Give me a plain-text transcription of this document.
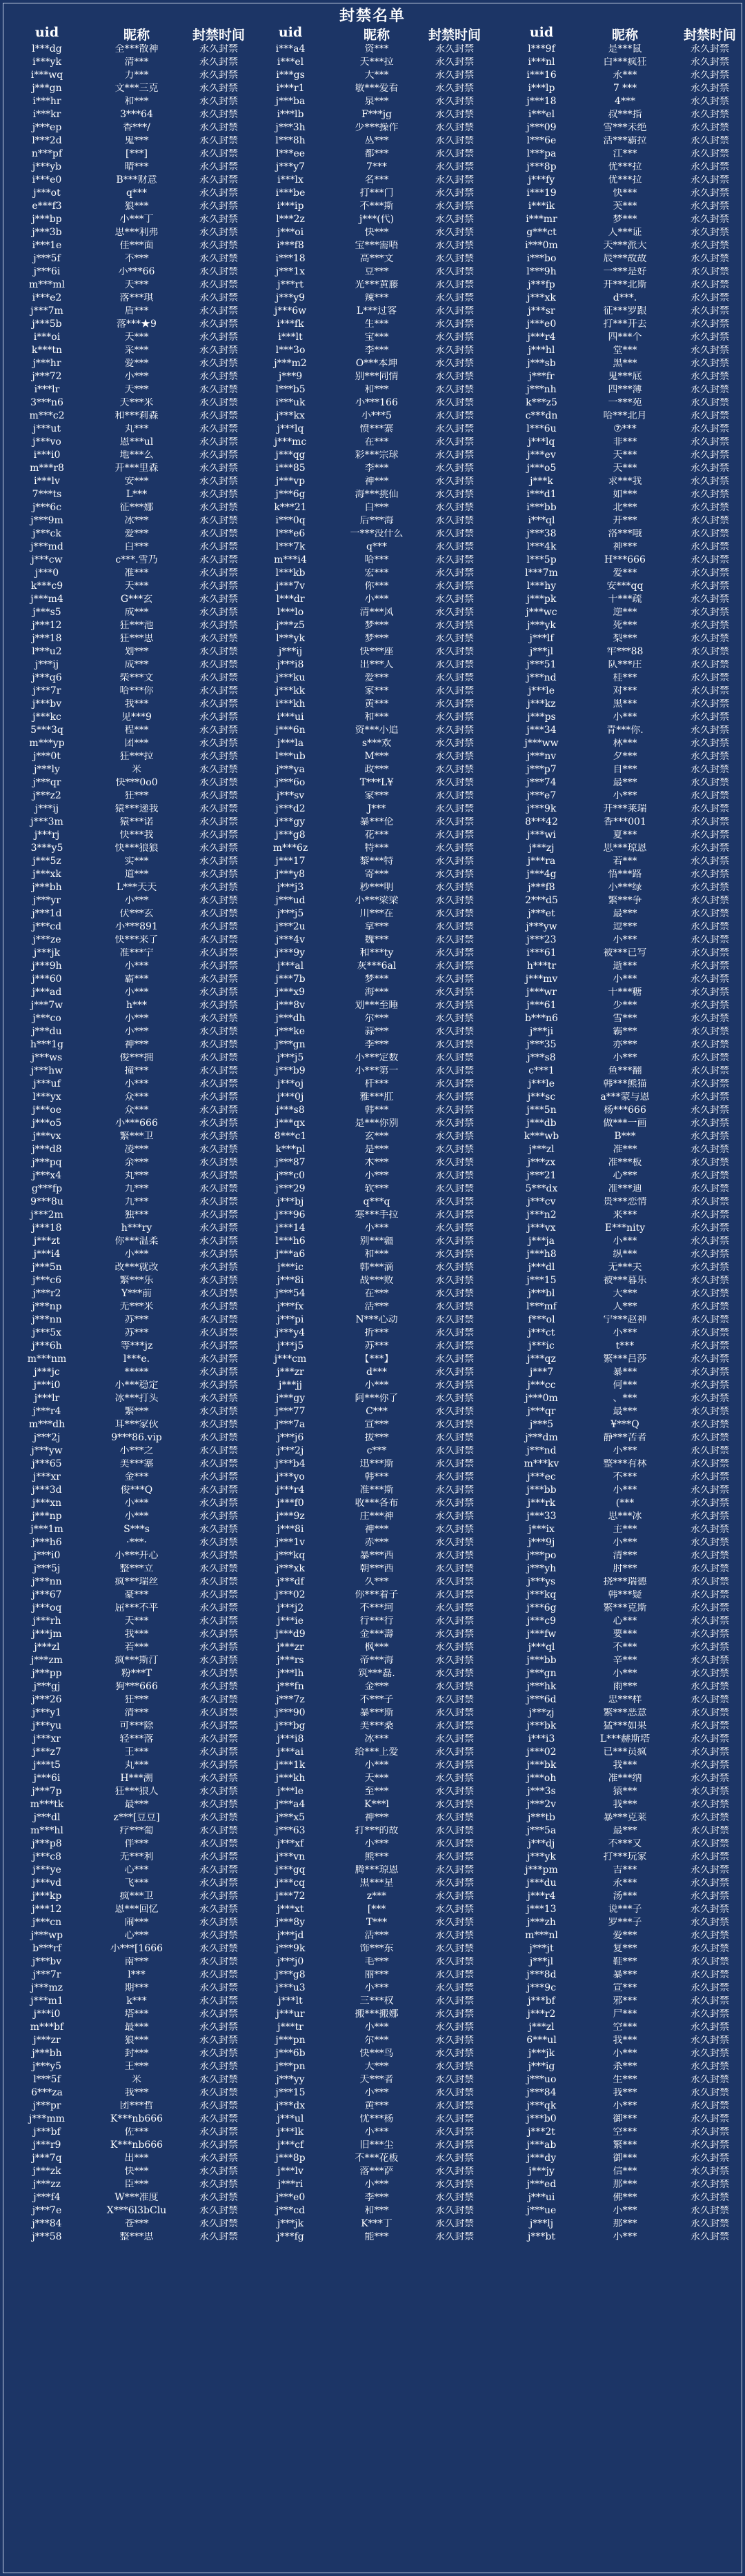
封禁名单
uid	昵称	封禁时间	uid	昵称	封禁时间	uid	昵称	封禁时间
l***dg	全***散神	永久封禁	i***a4	资***	永久封禁	l***9f	是***鼠	永久封禁
i***yk	清***	永久封禁	i***el	天***拉	永久封禁	i***nl	白***疯狂	永久封禁
i***wq	力***	永久封禁	i***gs	大***	永久封禁	i***16	永***	永久封禁
j***gn	文***三克	永久封禁	i***r1	敏***爱看	永久封禁	i***lp	7 ***	永久封禁
i***hr	和***	永久封禁	j***ba	泉***	永久封禁	j***18	4***	永久封禁
i***kr	3***64	永久封禁	i***lb	F***jg	永久封禁	i***el	叔***指	永久封禁
j***ep	香***/	永久封禁	j***3h	少***操作	永久封禁	j***09	雪***未绝	永久封禁
l***2d	鬼***	永久封禁	l***8h	丛***	永久封禁	l***6e	活***霸拉	永久封禁
n***pf	[***]	永久封禁	l***ee	都***	永久封禁	l***pa	江***	永久封禁
j***yb	晴***	永久封禁	j***y7	7***	永久封禁	j***8p	优***拉	永久封禁
i***e0	B***财意	永久封禁	i***lx	名***	永久封禁	j***fy	优***拉	永久封禁
j***ot	q***	永久封禁	i***be	打***门	永久封禁	i***19	快***	永久封禁
e***f3	狼***	永久封禁	i***ip	不***斯	永久封禁	i***ik	芙***	永久封禁
j***bp	小***丁	永久封禁	l***2z	j***(代)	永久封禁	i***mr	梦***	永久封禁
j***3b	思***利弗	永久封禁	j***oi	快***	永久封禁	g***ct	人***证	永久封禁
i***1e	佳***面	永久封禁	i***f8	宝***需唔	永久封禁	i***0m	天***派大	永久封禁
j***5f	不***	永久封禁	i***18	高***文	永久封禁	i***bo	辰***故故	永久封禁
j***6i	小***66	永久封禁	j***1x	豆***	永久封禁	l***9h	一***是好	永久封禁
m***ml	天***	永久封禁	j***rt	光***黄藤	永久封禁	j***fp	开***北斯	永久封禁
i***e2	落***琪	永久封禁	j***y9	辣***	永久封禁	j***xk	d***.	永久封禁
j***7m	盾***	永久封禁	j***6w	L***过客	永久封禁	j***sr	征***罗跟	永久封禁
j***5b	落***★9	永久封禁	i***fk	生***	永久封禁	j***e0	打***开去	永久封禁
i***oi	天***	永久封禁	i***lt	宝***	永久封禁	j***r4	四***个	永久封禁
k***tn	采***	永久封禁	l***3o	李***	永久封禁	j***hl	堂***	永久封禁
j***hr	爱***	永久封禁	j***m2	O***本坤	永久封禁	j***sb	黑***	永久封禁
j***72	小***	永久封禁	j***9	别***同情	永久封禁	j***fr	鬼***底	永久封禁
i***lr	天***	永久封禁	l***b5	和***	永久封禁	j***nh	四***薄	永久封禁
3***n6	天***米	永久封禁	i***uk	小***166	永久封禁	k***z5	一***苑	永久封禁
m***c2	和***莉森	永久封禁	j***kx	小***5	永久封禁	c***dn	哈***北月	永久封禁
j***ut	丸***	永久封禁	j***lq	愤***寨	永久封禁	l***6u	⑦***	永久封禁
j***vo	恩***ul	永久封禁	j***mc	在***	永久封禁	j***lq	非***	永久封禁
i***i0	地***么	永久封禁	j***qg	彩***宗球	永久封禁	j***ev	天***	永久封禁
m***r8	开***里森	永久封禁	i***85	李***	永久封禁	j***o5	天***	永久封禁
i***lv	安***	永久封禁	j***vp	神***	永久封禁	j***k	求***我	永久封禁
7***ts	L***	永久封禁	j***6g	海***挑仙	永久封禁	i***d1	如***	永久封禁
j***6c	征***娜	永久封禁	k***21	白***	永久封禁	i***bb	北***	永久封禁
j***9m	冰***	永久封禁	i***0q	后***海	永久封禁	i***ql	开***	永久封禁
j***ck	爱***	永久封禁	l***e6	一***没什么	永久封禁	j***38	洛***哦	永久封禁
j***md	白***	永久封禁	l***7k	q***	永久封禁	l***4k	神***	永久封禁
j***cw	c***.雪乃	永久封禁	m***i4	哈***	永久封禁	l***5p	H***666	永久封禁
j***0	准***	永久封禁	l***kb	宏***	永久封禁	l***7m	爱***	永久封禁
k***c9	天***	永久封禁	j***7v	你***	永久封禁	l***hy	安***qq	永久封禁
j***m4	G***玄	永久封禁	l***dr	小***	永久封禁	j***pk	十***疏	永久封禁
j***s5	成***	永久封禁	l***lo	清***风	永久封禁	j***wc	逆***	永久封禁
j***12	狂***池	永久封禁	j***z5	梦***	永久封禁	j***yk	死***	永久封禁
j***18	狂***思	永久封禁	l***yk	梦***	永久封禁	j***lf	梨***	永久封禁
l***u2	划***	永久封禁	j***ij	快***座	永久封禁	j***jl	牢***88	永久封禁
j***ij	成***	永久封禁	j***i8	出***人	永久封禁	j***51	队***庄	永久封禁
j***q6	柴***文	永久封禁	j***ku	爱***	永久封禁	j***nd	桂***	永久封禁
j***7r	哈***你	永久封禁	j***kk	家***	永久封禁	j***le	对***	永久封禁
j***bv	我***	永久封禁	i***kh	黄***	永久封禁	j***kz	黑***	永久封禁
j***kc	见***9	永久封禁	i***ui	和***	永久封禁	j***ps	小***	永久封禁
5***3q	程***	永久封禁	j***6n	资***小追	永久封禁	j***34	青***你.	永久封禁
m***yp	团***	永久封禁	j***la	s***欢	永久封禁	j***ww	林***	永久封禁
j***0t	狂***拉	永久封禁	l***ub	M***	永久封禁	j***nv	夕***	永久封禁
j***ly	米	永久封禁	j***ya	政***	永久封禁	j***p7	自***	永久封禁
j***qr	快***0o0	永久封禁	j***6o	T***L¥	永久封禁	j***74	最***	永久封禁
j***z2	狂***	永久封禁	j***sv	家***	永久封禁	j***e7	小***	永久封禁
j***ij	猿***递我	永久封禁	j***d2	J***	永久封禁	j***9k	开***莱瑞	永久封禁
j***3m	猿***诺	永久封禁	j***gy	暴***伦	永久封禁	8***42	香***001	永久封禁
j***rj	快***我	永久封禁	j***g8	花***	永久封禁	j***wi	夏***	永久封禁
3***y5	快***狼狼	永久封禁	m***6z	特***	永久封禁	j***zj	思***琼恩	永久封禁
j***5z	实***	永久封禁	j***17	黎***特	永久封禁	j***ra	若***	永久封禁
j***xk	道***	永久封禁	j***y8	寄***	永久封禁	j***4g	悟***路	永久封禁
j***bh	L***天天	永久封禁	j***j3	秒***明	永久封禁	j***f8	小***绿	永久封禁
j***yr	小***	永久封禁	j***ud	小***梁梁	永久封禁	2***d5	繁***争	永久封禁
j***1d	伏***玄	永久封禁	j***j5	川***在	永久封禁	j***et	最***	永久封禁
j***cd	小***891	永久封禁	j***2u	拿***	永久封禁	j***yw	逗***	永久封禁
j***ze	快***来了	永久封禁	j***4v	魏***	永久封禁	j***23	小***	永久封禁
j***jk	准***宁	永久封禁	j***9y	和***ty	永久封禁	i***61	被***已写	永久封禁
j***9h	小***	永久封禁	j***al	灰***6al	永久封禁	h***tr	逝***	永久封禁
j***60	霸***	永久封禁	j***7b	梦***	永久封禁	j***mv	小***	永久封禁
j***ad	小***	永久封禁	j***x9	海***	永久封禁	j***wr	十***糖	永久封禁
j***7w	h***	永久封禁	j***8v	划***至睡	永久封禁	j***61	少***	永久封禁
j***co	小***	永久封禁	j***dh	尔***	永久封禁	b***n6	雪***	永久封禁
j***du	小***	永久封禁	j***ke	蒜***	永久封禁	j***ji	霸***	永久封禁
h***1g	神***	永久封禁	j***gn	李***	永久封禁	j***35	亦***	永久封禁
j***ws	俊***拥	永久封禁	j***j5	小***定数	永久封禁	j***s8	小***	永久封禁
j***hw	撞***	永久封禁	j***b9	小***第一	永久封禁	c***1	鱼***翻	永久封禁
j***uf	小***	永久封禁	j***oj	杆***	永久封禁	j***le	韩***熊猫	永久封禁
l***yx	众***	永久封禁	j***0j	雅***肛	永久封禁	j***sc	a***蒙与恩	永久封禁
j***oe	众***	永久封禁	j***s8	韩***	永久封禁	j***5n	杨***666	永久封禁
j***o5	小***666	永久封禁	j***qx	是***你别	永久封禁	j***db	做***一画	永久封禁
j***vx	繁***卫	永久封禁	8***c1	玄***	永久封禁	k***wb	B***	永久封禁
j***d8	凌***	永久封禁	k***pl	是***	永久封禁	j***zl	准***	永久封禁
j***pq	余***	永久封禁	j***87	木***	永久封禁	j***zx	准***板	永久封禁
j***x4	丸***	永久封禁	j***c0	小***	永久封禁	j***21	心***	永久封禁
g***fp	九***	永久封禁	j***29	软***	永久封禁	5***dx	准***迪	永久封禁
9***8u	九***	永久封禁	j***bj	q***q	永久封禁	j***cv	贵***恋情	永久封禁
j***2m	独***	永久封禁	j***96	寒***手拉	永久封禁	j***n2	来***	永久封禁
j***18	h***ry	永久封禁	j***14	小***	永久封禁	j***vx	E***nity	永久封禁
j***zt	你***温柔	永久封禁	l***h6	别***疆	永久封禁	j***ja	小***	永久封禁
j***i4	小***	永久封禁	j***a6	和***	永久封禁	j***h8	纵***	永久封禁
j***5n	改***就改	永久封禁	j***ic	韩***滴	永久封禁	j***dl	无***夫	永久封禁
j***c6	繁***乐	永久封禁	j***8i	战***败	永久封禁	j***15	被***暮乐	永久封禁
j***r2	Y***前	永久封禁	j***54	在***	永久封禁	j***bl	大***	永久封禁
j***np	无***米	永久封禁	j***fx	活***	永久封禁	l***mf	人***	永久封禁
j***nn	苏***	永久封禁	j***pi	N***心动	永久封禁	f***ol	宁***赵神	永久封禁
j***5x	苏***	永久封禁	j***y4	折***	永久封禁	j***ct	小***	永久封禁
j***6h	等***jz	永久封禁	j***j5	苏***	永久封禁	j***ic	t***	永久封禁
m***nm	l***e.	永久封禁	j***cm	【***】	永久封禁	j***qz	繁***吕莎	永久封禁
j***jc	*****	永久封禁	j***zr	d***	永久封禁	j***7	暴***	永久封禁
j***i0	小***稳定	永久封禁	j***jj	小***	永久封禁	j***cc	何***	永久封禁
j***lr	冰***打头	永久封禁	j***gy	阿***你了	永久封禁	j***0m	、***	永久封禁
j***r4	繁***	永久封禁	j***77	C***	永久封禁	j***qr	最***	永久封禁
m***dh	耳***家伙	永久封禁	j***7a	宣***	永久封禁	j***5	¥***Q	永久封禁
j***2j	9***86.vip	永久封禁	j***j6	拔***	永久封禁	j***dm	静***苦者	永久封禁
j***yw	小***之	永久封禁	j***2j	c***	永久封禁	j***nd	小***	永久封禁
j***65	美***塞	永久封禁	j***b4	迅***斯	永久封禁	m***kv	整***有林	永久封禁
j***xr	金***	永久封禁	j***yo	韩***	永久封禁	j***ec	不***	永久封禁
j***3d	俊***Q	永久封禁	j***r4	准***斯	永久封禁	j***bb	小***	永久封禁
j***xn	小***	永久封禁	j***f0	收***各布	永久封禁	j***rk	(***	永久封禁
j***np	小***	永久封禁	j***9z	庄***神	永久封禁	j***33	思***冰	永久封禁
j***1m	S***s	永久封禁	j***8i	神***	永久封禁	j***ix	主***	永久封禁
j***h6	·***·	永久封禁	j***1v	赤***	永久封禁	j***9j	小***	永久封禁
j***i0	小***开心	永久封禁	j***kq	暴***西	永久封禁	j***po	清***	永久封禁
j***5j	整***立	永久封禁	j***xk	朝***西	永久封禁	j***yh	肘***	永久封禁
j***nn	疯***瑞丝	永久封禁	j***df	久***	永久封禁	j***ys	挠***瑞德	永久封禁
j***67	豪***	永久封禁	j***02	你***着子	永久封禁	j***kq	韩***疑	永久封禁
j***oq	屈***不平	永久封禁	j***j2	不***坷	永久封禁	j***6g	繁***克斯	永久封禁
j***rh	天***	永久封禁	j***ie	行***行	永久封禁	j***c9	心***	永久封禁
j***jm	我***	永久封禁	j***d9	金***壽	永久封禁	j***fw	要***	永久封禁
j***zl	若***	永久封禁	j***zr	枫***	永久封禁	j***ql	不***	永久封禁
j***zm	疯***斯汀	永久封禁	j***rs	帝***海	永久封禁	j***bb	辛***	永久封禁
j***pp	粉***T	永久封禁	j***lh	筑***磊.	永久封禁	j***gn	小***	永久封禁
j***gj	狗***666	永久封禁	j***fn	金***	永久封禁	j***hk	雨***	永久封禁
j***26	狂***	永久封禁	j***7z	不***子	永久封禁	j***6d	忠***样	永久封禁
j***y1	清***	永久封禁	j***90	暴***斯	永久封禁	j***zj	繁***恶意	永久封禁
j***yu	可***除	永久封禁	j***bg	美***桑	永久封禁	j***bk	猛***如果	永久封禁
j***xr	轻***落	永久封禁	j***i8	冰***	永久封禁	i***i3	L***赫斯塔	永久封禁
j***z7	王***	永久封禁	j***ai	给***上爱	永久封禁	j***02	已***员疯	永久封禁
j***t5	丸***	永久封禁	j***1k	小***	永久封禁	j***bk	我***	永久封禁
j***6i	H***溯	永久封禁	j***kh	天***	永久封禁	j***oh	准***纳	永久封禁
j***7p	狂***狼人	永久封禁	j***le	至***	永久封禁	j***3s	猿***	永久封禁
m***tk	最***	永久封禁	j***a4	K***l	永久封禁	j***2v	我***	永久封禁
j***dl	z***[豆豆]	永久封禁	j***x5	神***	永久封禁	j***tb	暴***克莱	永久封禁
m***hl	疗***葡	永久封禁	j***63	打***的故	永久封禁	j***5a	最***	永久封禁
j***p8	伴***	永久封禁	j***xf	小***	永久封禁	j***dj	不***又	永久封禁
j***c8	无***利	永久封禁	j***vn	熊***	永久封禁	j***yk	打***玩家	永久封禁
j***ye	心***	永久封禁	j***gq	腾***琼恩	永久封禁	j***pm	吉***	永久封禁
j***vd	飞***	永久封禁	j***cq	黑***星	永久封禁	j***du	永***	永久封禁
j***kp	疯***卫	永久封禁	j***72	z***	永久封禁	j***r4	汤***	永久封禁
j***12	恩***回忆	永久封禁	j***xt	[***	永久封禁	j***13	说***子	永久封禁
j***cn	闹***	永久封禁	j***8y	T***	永久封禁	j***zh	罗***子	永久封禁
j***wp	心***	永久封禁	j***jd	活***	永久封禁	m***nl	爱***	永久封禁
b***rf	小***[1666	永久封禁	j***9k	饰***东	永久封禁	j***jt	复***	永久封禁
j***bv	南***	永久封禁	j***j0	毛***	永久封禁	j***jl	鞋***	永久封禁
j***7r	l***	永久封禁	j***g8	丽***	永久封禁	j***8d	暴***	永久封禁
j***mz	期***	永久封禁	j***u3	小***	永久封禁	j***9c	宣***	永久封禁
j***m1	k***	永久封禁	j***lt	三***权	永久封禁	j***bf	邪***	永久封禁
j***i0	塔***	永久封禁	j***ur	搬***搬娜	永久封禁	j***r2	尸***	永久封禁
m***bf	最***	永久封禁	j***tr	小***	永久封禁	j***zl	空***	永久封禁
j***zr	狼***	永久封禁	j***pn	尔***	永久封禁	6***ul	我***	永久封禁
j***bh	封***	永久封禁	j***6b	快***鸟	永久封禁	j***jk	小***	永久封禁
j***y5	王***	永久封禁	j***pn	大***	永久封禁	j***ig	杀***	永久封禁
l***5f	米	永久封禁	j***yy	天***者	永久封禁	j***uo	生***	永久封禁
6***za	我***	永久封禁	j***15	小***	永久封禁	j***84	我***	永久封禁
j***pr	团***哲	永久封禁	j***dx	黄***	永久封禁	j***qk	小***	永久封禁
j***mm	K***nb666	永久封禁	j***ul	忧***杨	永久封禁	j***b0	御***	永久封禁
j***bf	佐***	永久封禁	j***lk	小***	永久封禁	j***2t	空***	永久封禁
j***r9	K***nb666	永久封禁	j***cf	旧***尘	永久封禁	j***ab	繁***	永久封禁
j***7q	出***	永久封禁	j***8p	不***花板	永久封禁	j***dy	御***	永久封禁
j***zk	快***	永久封禁	j***lv	落***萨	永久封禁	j***jy	信***	永久封禁
j***zz	臣***	永久封禁	j***ri	小***	永久封禁	j***ed	那***	永久封禁
j***f4	W***准度	永久封禁	j***e0	李***	永久封禁	j***ui	佛***	永久封禁
j***7e	X***6l3bClu	永久封禁	j***cd	和***	永久封禁	j***ue	小***	永久封禁
j***84	苍***	永久封禁	j***jk	K***丁	永久封禁	j***lj	那***	永久封禁
j***58	整***思	永久封禁	j***fg	能***	永久封禁	j***bt	小***	永久封禁
